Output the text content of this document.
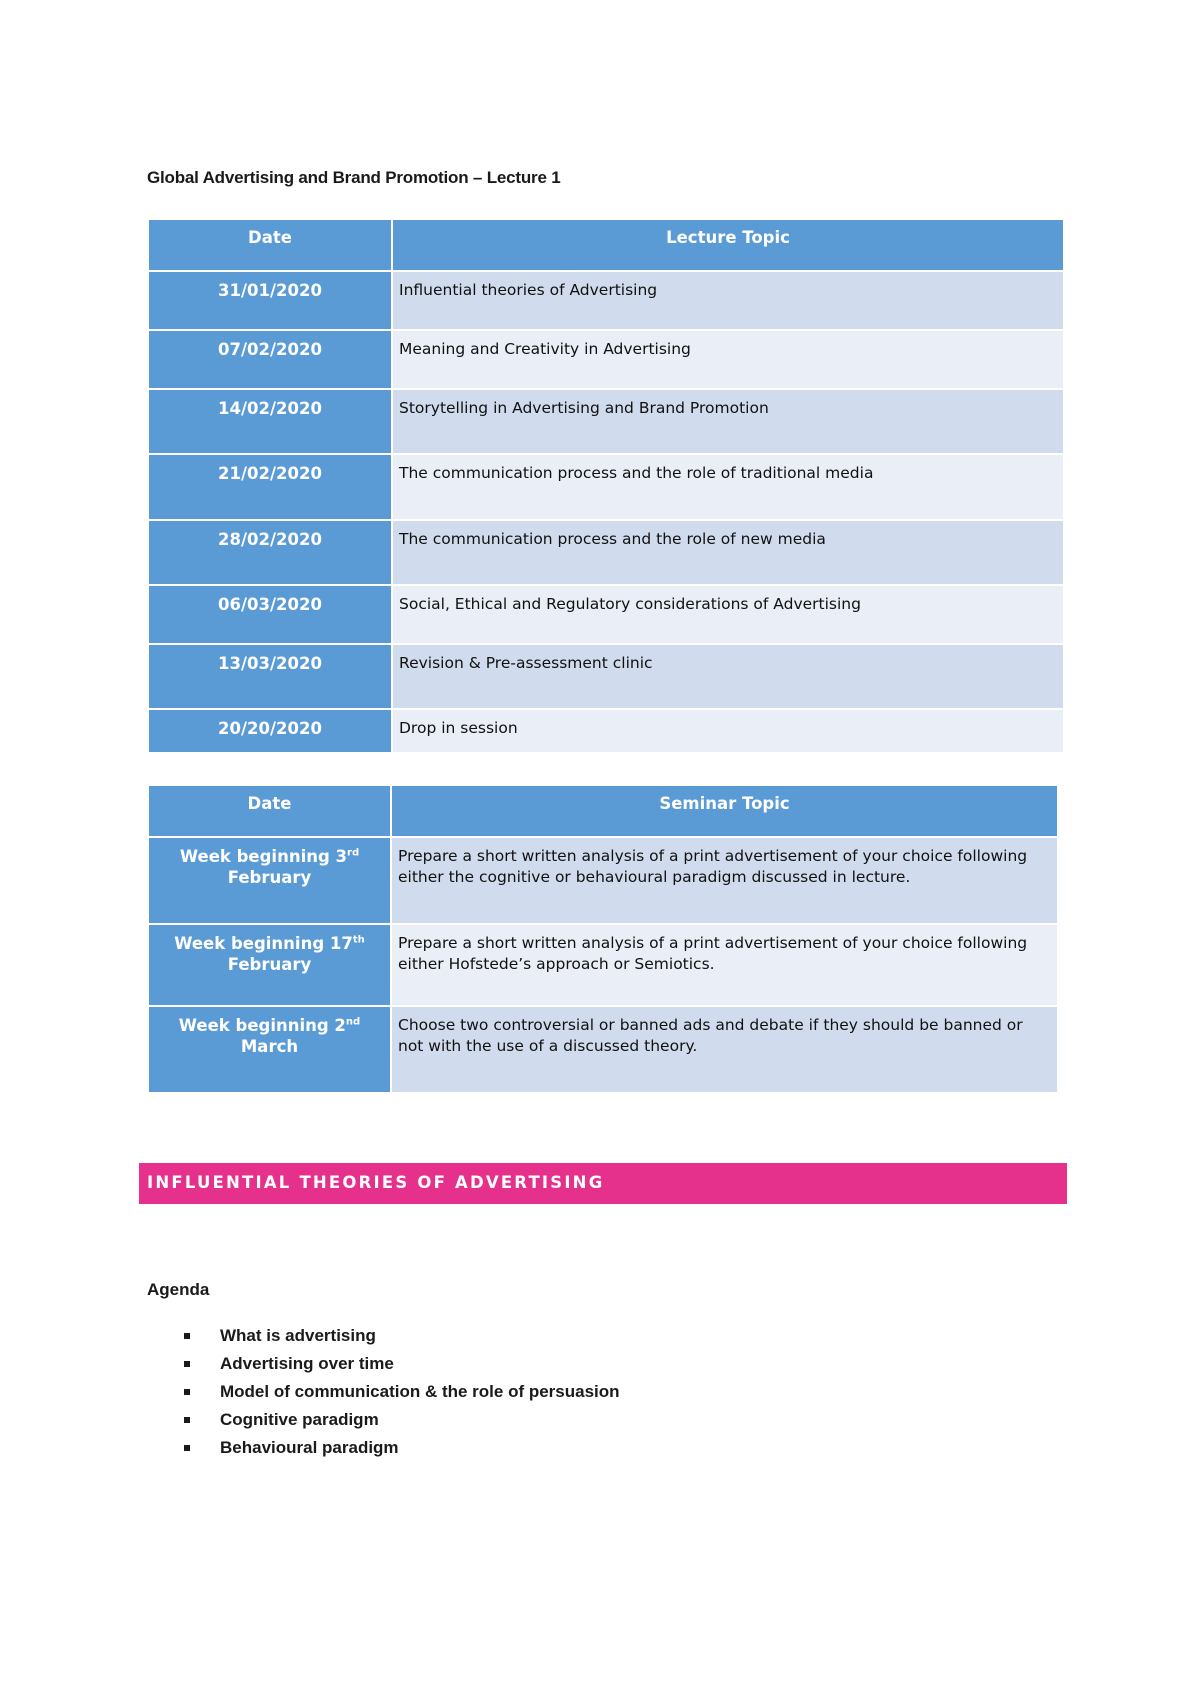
Global Advertising and Brand Promotion – Lecture 1
Date	Lecture Topic
31/01/2020	Influential theories of Advertising
07/02/2020	Meaning and Creativity in Advertising
14/02/2020	Storytelling in Advertising and Brand Promotion
21/02/2020	The communication process and the role of traditional media
28/02/2020	The communication process and the role of new media
06/03/2020	Social, Ethical and Regulatory considerations of Advertising
13/03/2020	Revision & Pre-assessment clinic
20/20/2020	Drop in session
Date	Seminar Topic
Week beginning 3rd
February	Prepare a short written analysis of a print advertisement of your choice following either the cognitive or behavioural paradigm discussed in lecture.
Week beginning 17th
February	Prepare a short written analysis of a print advertisement of your choice following either Hofstede’s approach or Semiotics.
Week beginning 2nd
March	Choose two controversial or banned ads and debate if they should be banned or not with the use of a discussed theory.
INFLUENTIAL THEORIES OF ADVERTISING
Agenda
What is advertising
Advertising over time
Model of communication & the role of persuasion
Cognitive paradigm
Behavioural paradigm
